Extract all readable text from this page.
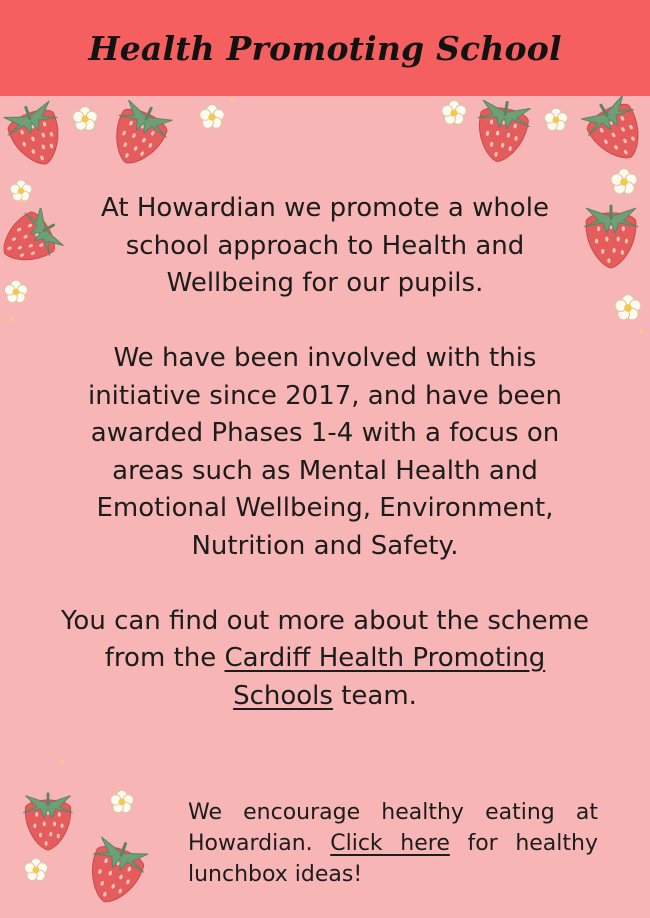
Health Promoting School

At Howardian we promote a whole school approach to Health and Wellbeing for our pupils.

We have been involved with this initiative since 2017, and have been awarded Phases 1-4 with a focus on areas such as Mental Health and Emotional Wellbeing, Environment, Nutrition and Safety.

You can find out more about the scheme from the Cardiff Health Promoting Schools team.

We encourage healthy eating at Howardian. Click here for healthy lunchbox ideas!
